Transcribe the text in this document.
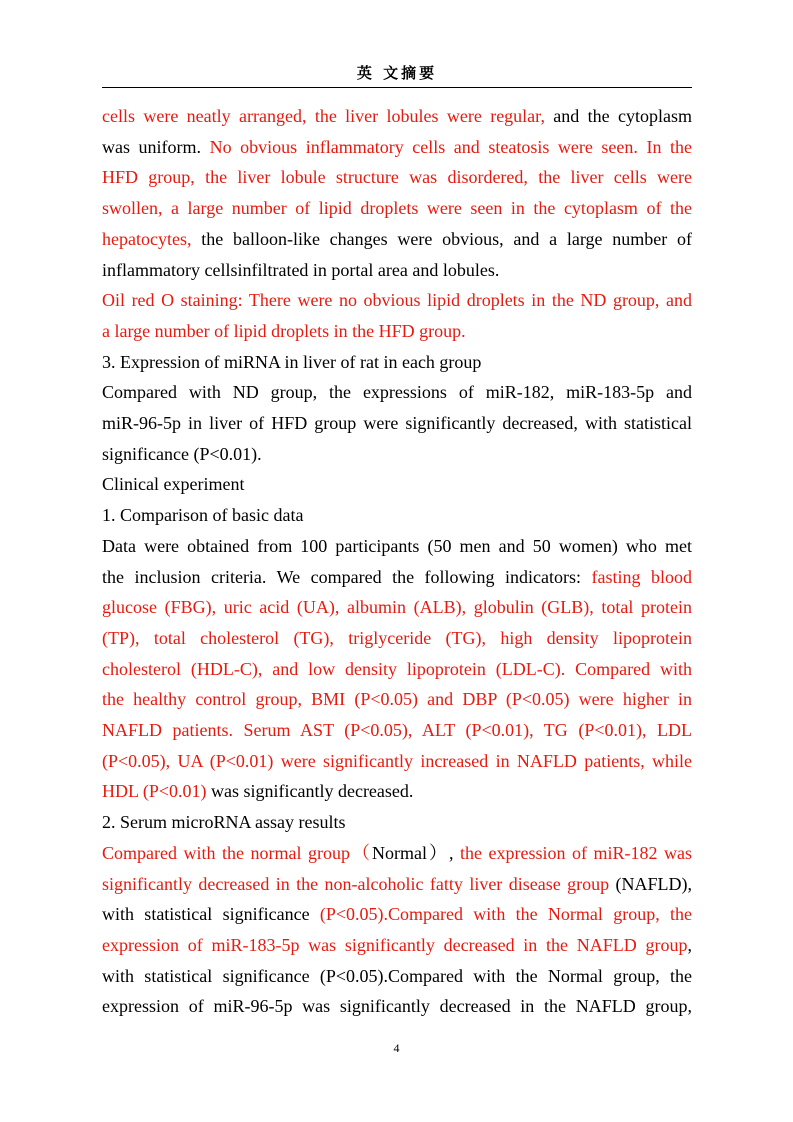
英 文摘要

cells were neatly arranged, the liver lobules were regular, and the cytoplasm
was uniform. No obvious inflammatory cells and steatosis were seen. In the
HFD group, the liver lobule structure was disordered, the liver cells were
swollen, a large number of lipid droplets were seen in the cytoplasm of the
hepatocytes, the balloon-like changes were obvious, and a large number of
inflammatory cellsinfiltrated in portal area and lobules.

Oil red O staining: There were no obvious lipid droplets in the ND group, and
a large number of lipid droplets in the HFD group.

3. Expression of miRNA in liver of rat in each group

Compared with ND group, the expressions of miR-182, miR-183-5p and
miR-96-5p in liver of HFD group were significantly decreased, with statistical
significance (P<0.01).

Clinical experiment

1. Comparison of basic data

Data were obtained from 100 participants (50 men and 50 women) who met
the inclusion criteria. We compared the following indicators: fasting blood
glucose (FBG), uric acid (UA), albumin (ALB), globulin (GLB), total protein
(TP), total cholesterol (TG), triglyceride (TG), high density lipoprotein
cholesterol (HDL-C), and low density lipoprotein (LDL-C). Compared with
the healthy control group, BMI (P<0.05) and DBP (P<0.05) were higher in
NAFLD patients. Serum AST (P<0.05), ALT (P<0.01), TG (P<0.01), LDL
(P<0.05), UA (P<0.01) were significantly increased in NAFLD patients, while
HDL (P<0.01) was significantly decreased.

2. Serum microRNA assay results

Compared with the normal group（Normal）, the expression of miR-182 was
significantly decreased in the non-alcoholic fatty liver disease group (NAFLD),
with statistical significance (P<0.05).Compared with the Normal group, the
expression of miR-183-5p was significantly decreased in the NAFLD group,
with statistical significance (P<0.05).Compared with the Normal group, the
expression of miR-96-5p was significantly decreased in the NAFLD group,

4
